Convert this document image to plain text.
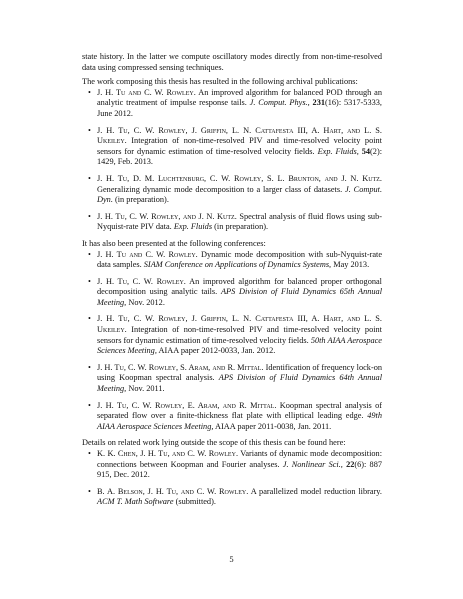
state history. In the latter we compute oscillatory modes directly from non-time-resolved data using compressed sensing techniques.

The work composing this thesis has resulted in the following archival publications:

• J. H. Tu and C. W. Rowley. An improved algorithm for balanced POD through an analytic treatment of impulse response tails. J. Comput. Phys., 231(16): 5317-5333, June 2012.
• J. H. Tu, C. W. Rowley, J. Griffin, L. N. Cattafesta III, A. Hart, and L. S. Ukeiley. Integration of non-time-resolved PIV and time-resolved velocity point sensors for dynamic estimation of time-resolved velocity fields. Exp. Fluids, 54(2): 1429, Feb. 2013.
• J. H. Tu, D. M. Luchtenburg, C. W. Rowley, S. L. Brunton, and J. N. Kutz. Generalizing dynamic mode decomposition to a larger class of datasets. J. Comput. Dyn. (in preparation).
• J. H. Tu, C. W. Rowley, and J. N. Kutz. Spectral analysis of fluid flows using sub-Nyquist-rate PIV data. Exp. Fluids (in preparation).

It has also been presented at the following conferences:

• J. H. Tu and C. W. Rowley. Dynamic mode decomposition with sub-Nyquist-rate data samples. SIAM Conference on Applications of Dynamics Systems, May 2013.
• J. H. Tu, C. W. Rowley. An improved algorithm for balanced proper orthogonal decomposition using analytic tails. APS Division of Fluid Dynamics 65th Annual Meeting, Nov. 2012.
• J. H. Tu, C. W. Rowley, J. Griffin, L. N. Cattafesta III, A. Hart, and L. S. Ukeiley. Integration of non-time-resolved PIV and time-resolved velocity point sensors for dynamic estimation of time-resolved velocity fields. 50th AIAA Aerospace Sciences Meeting, AIAA paper 2012-0033, Jan. 2012.
• J. H. Tu, C. W. Rowley, S. Aram, and R. Mittal. Identification of frequency lock-on using Koopman spectral analysis. APS Division of Fluid Dynamics 64th Annual Meeting, Nov. 2011.
• J. H. Tu, C. W. Rowley, E. Aram, and R. Mittal. Koopman spectral analysis of separated flow over a finite-thickness flat plate with elliptical leading edge. 49th AIAA Aerospace Sciences Meeting, AIAA paper 2011-0038, Jan. 2011.

Details on related work lying outside the scope of this thesis can be found here:

• K. K. Chen, J. H. Tu, and C. W. Rowley. Variants of dynamic mode decomposition: connections between Koopman and Fourier analyses. J. Nonlinear Sci., 22(6): 887 915, Dec. 2012.
• B. A. Belson, J. H. Tu, and C. W. Rowley. A parallelized model reduction library. ACM T. Math Software (submitted).
5
